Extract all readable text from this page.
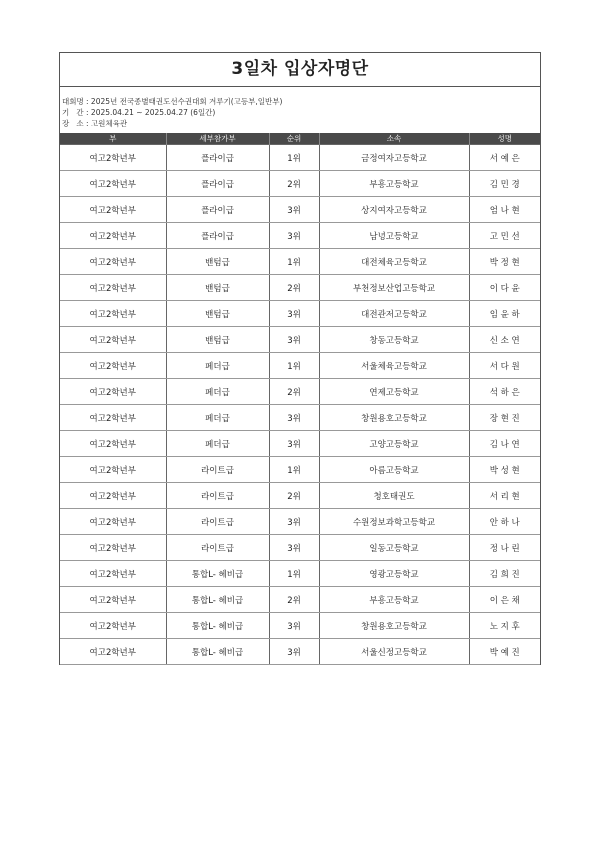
3일차 입상자명단
대회명 :
2025년 전국종별태권도선수권대회 겨루기(고등부,일반부)
기   간 :
2025.04.21 ~ 2025.04.27 (6일간)
장   소 :
고원체육관
부	세부참가부	순위	소속	성명
여고2학년부	플라이급	1위	금정여자고등학교	서 예 은
여고2학년부	플라이급	2위	부흥고등학교	김 민 경
여고2학년부	플라이급	3위	상지여자고등학교	엄 나 현
여고2학년부	플라이급	3위	남녕고등학교	고 민 선
여고2학년부	밴텀급	1위	대전체육고등학교	박 정 현
여고2학년부	밴텀급	2위	부천정보산업고등학교	이 다 윤
여고2학년부	밴텀급	3위	대전관저고등학교	임 윤 하
여고2학년부	밴텀급	3위	창동고등학교	신 소 연
여고2학년부	페더급	1위	서울체육고등학교	서 다 원
여고2학년부	페더급	2위	연제고등학교	석 하 은
여고2학년부	페더급	3위	창원용호고등학교	장 현 진
여고2학년부	페더급	3위	고양고등학교	김 나 연
여고2학년부	라이트급	1위	아름고등학교	박 성 현
여고2학년부	라이트급	2위	청호태권도	서 리 현
여고2학년부	라이트급	3위	수원정보과학고등학교	안 하 나
여고2학년부	라이트급	3위	일동고등학교	정 나 린
여고2학년부	통합L- 헤비급	1위	영광고등학교	김 희 진
여고2학년부	통합L- 헤비급	2위	부흥고등학교	이 은 채
여고2학년부	통합L- 헤비급	3위	창원용호고등학교	노 지 후
여고2학년부	통합L- 헤비급	3위	서울신정고등학교	박 예 진
